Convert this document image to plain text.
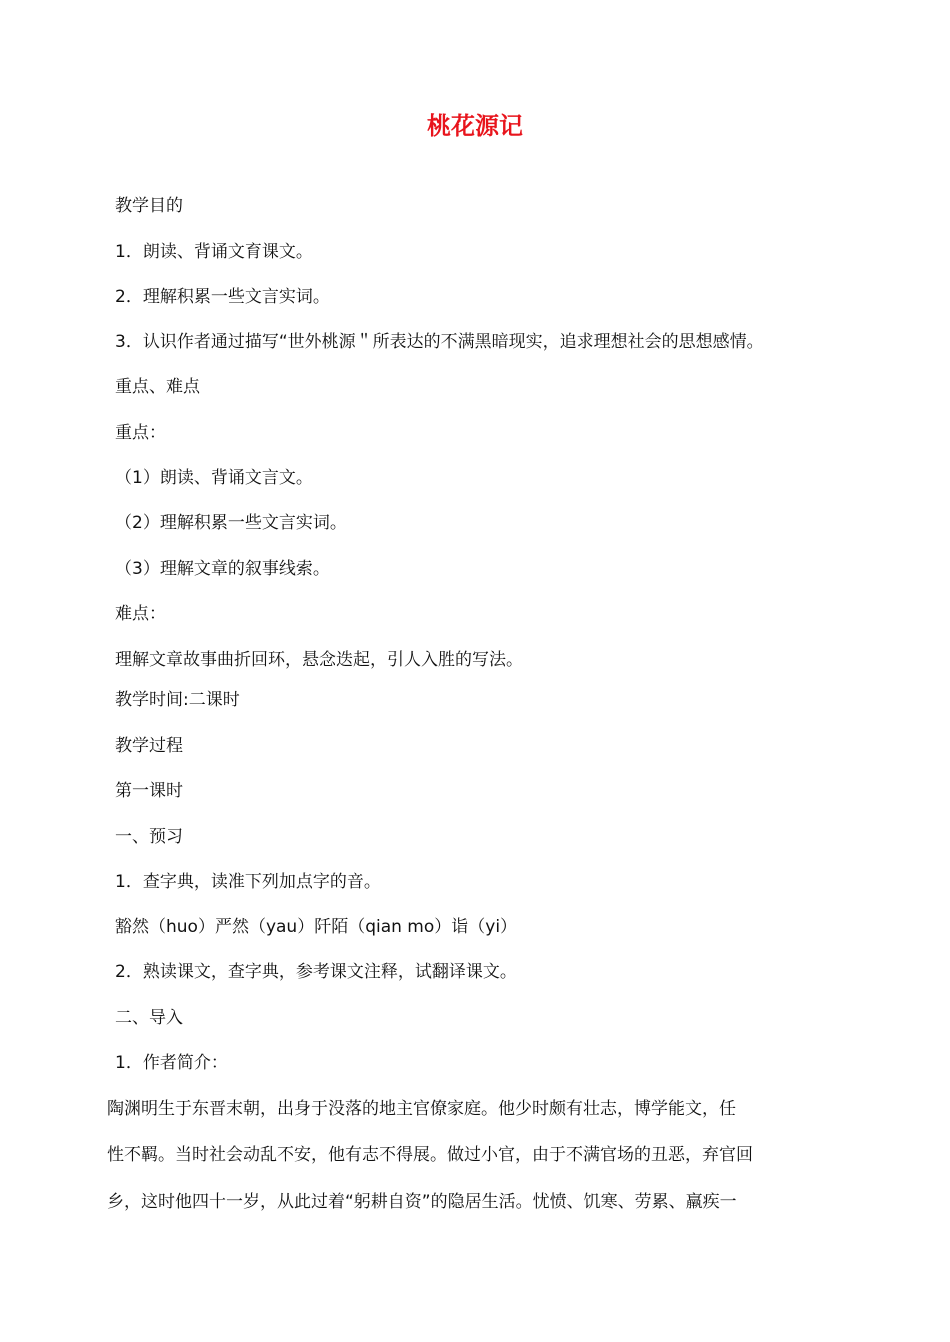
桃花源记
教学目的
1．朗读、背诵文育课文。
2．理解积累一些文言实词。
3．认识作者通过描写“世外桃源＂所表达的不满黑暗现实，追求理想社会的思想感情。
重点、难点
重点：
（1）朗读、背诵文言文。
（2）理解积累一些文言实词。
（3）理解文章的叙事线索。
难点：
理解文章故事曲折回环，悬念迭起，引人入胜的写法。
教学时间:二课时
教学过程
第一课时
一、预习
1．查字典，读准下列加点字的音。
豁然（huo）严然（yau）阡陌（qian mo）诣（yi）
2．熟读课文，查字典，参考课文注释，试翻译课文。
二、导入
1．作者简介：
陶渊明生于东晋末朝，出身于没落的地主官僚家庭。他少时颇有壮志，博学能文，任
性不羁。当时社会动乱不安，他有志不得展。做过小官，由于不满官场的丑恶，弃官回
乡，这时他四十一岁，从此过着“躬耕自资”的隐居生活。忧愤、饥寒、劳累、羸疾一
